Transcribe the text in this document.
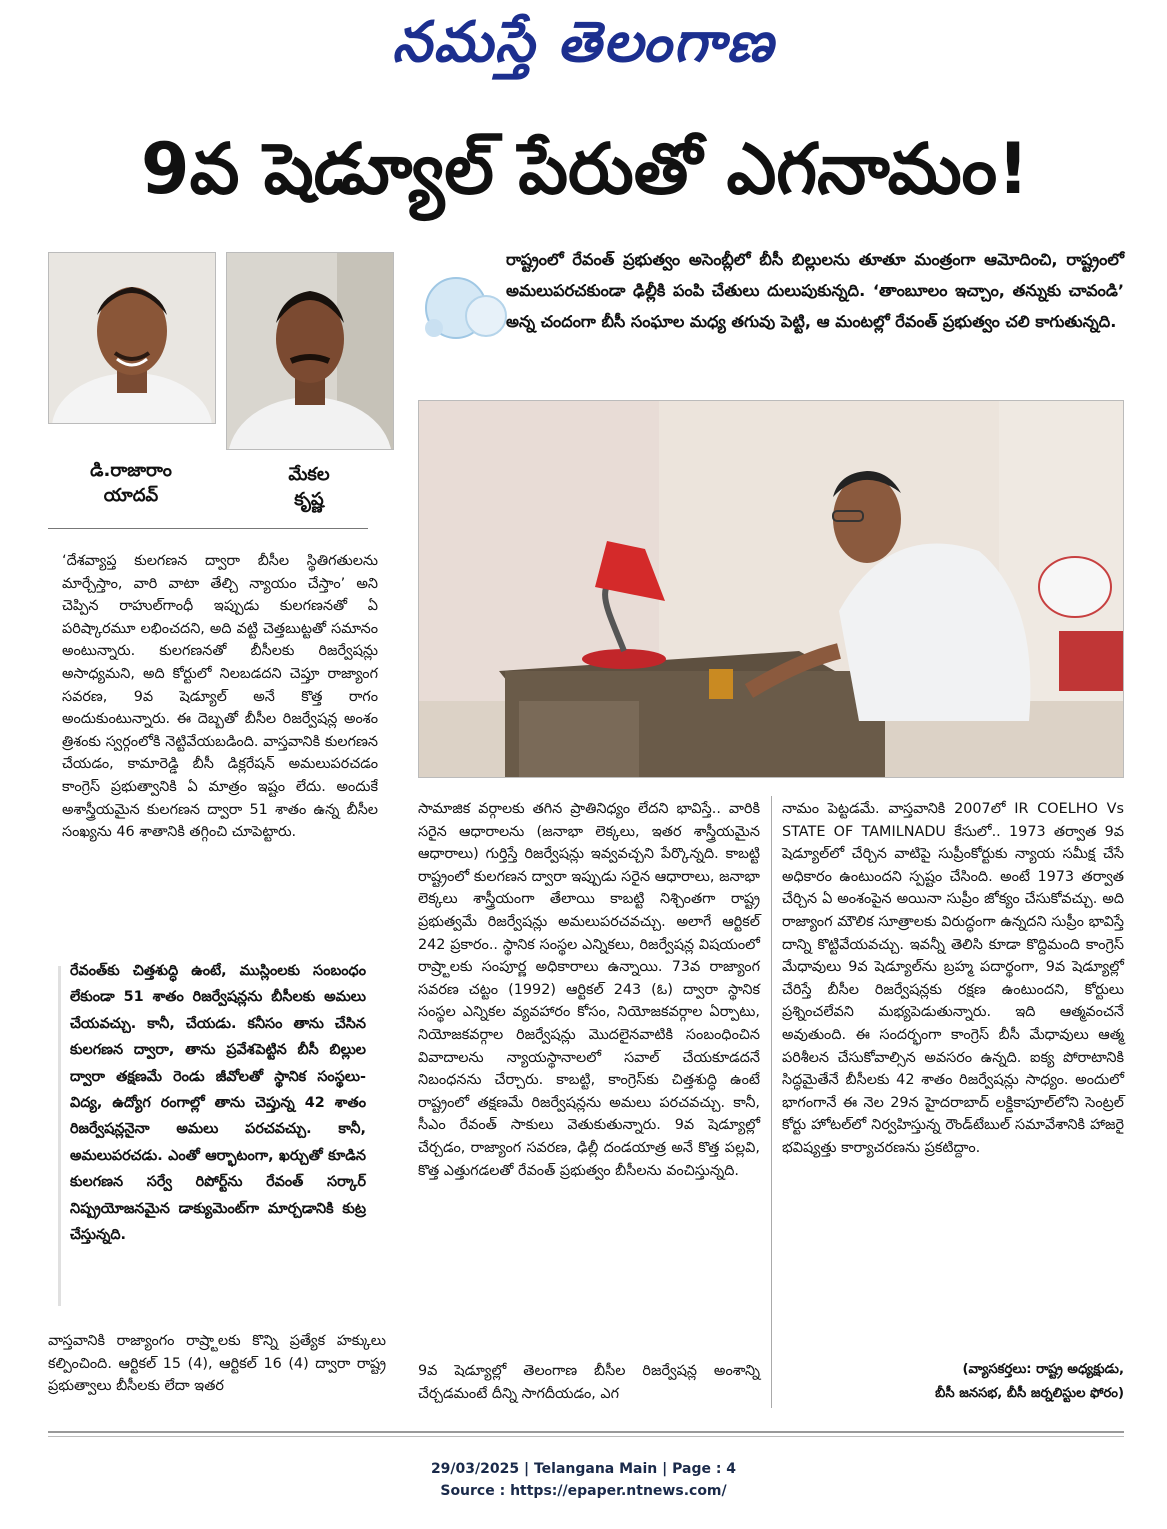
నమస్తే తెలంగాణ
9వ షెడ్యూల్ పేరుతో ఎగనామం!
డి.రాజారాం
యాదవ్
మేకల
కృష్ణ
రాష్ట్రంలో రేవంత్ ప్రభుత్వం అసెంబ్లీలో బీసీ బిల్లులను తూతూ మంత్రంగా ఆమోదించి, రాష్ట్రంలో అమలుపరచకుండా ఢిల్లీకి పంపి చేతులు దులుపుకున్నది. ‘తాంబూలం ఇచ్చాం, తన్నుకు చావండి’ అన్న చందంగా బీసీ సంఘాల మధ్య తగువు పెట్టి, ఆ మంటల్లో రేవంత్ ప్రభుత్వం చలి కాగుతున్నది.
‘దేశవ్యాప్త కులగణన ద్వారా బీసీల స్థితిగతులను మార్చేస్తాం, వారి వాటా తేల్చి న్యాయం చేస్తాం’ అని చెప్పిన రాహుల్‌గాంధీ ఇప్పుడు కులగణనతో ఏ పరిష్కారమూ లభించదని, అది వట్టి చెత్తబుట్టతో సమానం అంటున్నారు. కులగణనతో బీసీలకు రిజర్వేషన్లు అసాధ్యమని, అది కోర్టులో నిలబడదని చెప్తూ రాజ్యాంగ సవరణ, 9వ షెడ్యూల్ అనే కొత్త రాగం అందుకుంటున్నారు. ఈ దెబ్బతో బీసీల రిజర్వేషన్ల అంశం త్రిశంకు స్వర్గంలోకి నెట్టివేయబడింది. వాస్తవానికి కులగణన చేయడం, కామారెడ్డి బీసీ డిక్లరేషన్ అమలుపరచడం కాంగ్రెస్ ప్రభుత్వానికి ఏ మాత్రం ఇష్టం లేదు. అందుకే అశాస్త్రీయమైన కులగణన ద్వారా 51 శాతం ఉన్న బీసీల సంఖ్యను 46 శాతానికి తగ్గించి చూపెట్టారు.
రేవంత్‌కు చిత్తశుద్ధి ఉంటే, ముస్లింలకు సంబంధం లేకుండా 51 శాతం రిజర్వేషన్లను బీసీలకు అమలు చేయవచ్చు. కానీ, చేయడు. కనీసం తాను చేసిన కులగణన ద్వారా, తాను ప్రవేశపెట్టిన బీసీ బిల్లుల ద్వారా తక్షణమే రెండు జీవోలతో స్థానిక సంస్థలు-విద్య, ఉద్యోగ రంగాల్లో తాను చెప్తున్న 42 శాతం రిజర్వేషన్లనైనా అమలు పరచవచ్చు. కానీ, అమలుపరచడు. ఎంతో ఆర్భాటంగా, ఖర్చుతో కూడిన కులగణన సర్వే రిపోర్ట్‌ను రేవంత్ సర్కార్ నిష్ప్రయోజనమైన డాక్యుమెంట్‌గా మార్చడానికి కుట్ర చేస్తున్నది.
వాస్తవానికి రాజ్యాంగం రాష్ర్టాలకు కొన్ని ప్రత్యేక హక్కులు కల్పించింది. ఆర్టికల్ 15 (4), ఆర్టికల్ 16 (4) ద్వారా రాష్ట్ర ప్రభుత్వాలు బీసీలకు లేదా ఇతర
సామాజిక వర్గాలకు తగిన ప్రాతినిధ్యం లేదని భావిస్తే.. వారికి సరైన ఆధారాలను (జనాభా లెక్కలు, ఇతర శాస్త్రీయమైన ఆధారాలు) గుర్తిస్తే రిజర్వేషన్లు ఇవ్వవచ్చని పేర్కొన్నది. కాబట్టి రాష్ట్రంలో కులగణన ద్వారా ఇప్పుడు సరైన ఆధారాలు, జనాభా లెక్కలు శాస్త్రీయంగా తేలాయి కాబట్టి నిశ్చింతగా రాష్ట్ర ప్రభుత్వమే రిజర్వేషన్లు అమలుపరచవచ్చు. అలాగే ఆర్టికల్ 242 ప్రకారం.. స్థానిక సంస్థల ఎన్నికలు, రిజర్వేషన్ల విషయంలో రాష్ర్టాలకు సంపూర్ణ అధికారాలు ఉన్నాయి. 73వ రాజ్యాంగ సవరణ చట్టం (1992) ఆర్టికల్ 243 (ఓ) ద్వారా స్థానిక సంస్థల ఎన్నికల వ్యవహారం కోసం, నియోజకవర్గాల ఏర్పాటు, నియోజకవర్గాల రిజర్వేషన్లు మొదలైనవాటికి సంబంధించిన వివాదాలను న్యాయస్థానాలలో సవాల్ చేయకూడదనే నిబంధనను చేర్చారు. కాబట్టి, కాంగ్రెస్‌కు చిత్తశుద్ధి ఉంటే రాష్ట్రంలో తక్షణమే రిజర్వేషన్లను అమలు పరచవచ్చు. కానీ, సీఎం రేవంత్ సాకులు వెతుకుతున్నారు. 9వ షెడ్యూల్లో చేర్చడం, రాజ్యాంగ సవరణ, ఢిల్లీ దండయాత్ర అనే కొత్త పల్లవి, కొత్త ఎత్తుగడలతో రేవంత్ ప్రభుత్వం బీసీలను వంచిస్తున్నది.
9వ షెడ్యూల్లో తెలంగాణ బీసీల రిజర్వేషన్ల అంశాన్ని చేర్చడమంటే దీన్ని సాగదీయడం, ఎగ
నామం పెట్టడమే. వాస్తవానికి 2007లో IR COELHO Vs STATE OF TAMILNADU కేసులో.. 1973 తర్వాత 9వ షెడ్యూల్‌లో చేర్చిన వాటిపై సుప్రీంకోర్టుకు న్యాయ సమీక్ష చేసే అధికారం ఉంటుందని స్పష్టం చేసింది. అంటే 1973 తర్వాత చేర్చిన ఏ అంశంపైన అయినా సుప్రీం జోక్యం చేసుకోవచ్చు. అది రాజ్యాంగ మౌలిక సూత్రాలకు విరుద్ధంగా ఉన్నదని సుప్రీం భావిస్తే దాన్ని కొట్టివేయవచ్చు. ఇవన్నీ తెలిసి కూడా కొద్దిమంది కాంగ్రెస్ మేధావులు 9వ షెడ్యూల్‌ను బ్రహ్మ పదార్థంగా, 9వ షెడ్యూల్లో చేరిస్తే బీసీల రిజర్వేషన్లకు రక్షణ ఉంటుందని, కోర్టులు ప్రశ్నించలేవని మభ్యపెడుతున్నారు. ఇది ఆత్మవంచనే అవుతుంది. ఈ సందర్భంగా కాంగ్రెస్ బీసీ మేధావులు ఆత్మ పరిశీలన చేసుకోవాల్సిన అవసరం ఉన్నది. ఐక్య పోరాటానికి సిద్ధమైతేనే బీసీలకు 42 శాతం రిజర్వేషన్లు సాధ్యం. అందులో భాగంగానే ఈ నెల 29న హైదరాబాద్ లక్డికాపూల్‌లోని సెంట్రల్ కోర్టు హోటల్‌లో నిర్వహిస్తున్న రౌండ్‌టేబుల్ సమావేశానికి హాజరై భవిష్యత్తు కార్యాచరణను ప్రకటిద్దాం.
(వ్యాసకర్తలు: రాష్ట్ర అధ్యక్షుడు,
బీసీ జనసభ, బీసీ జర్నలిస్టుల ఫోరం)
29/03/2025 | Telangana Main | Page : 4
Source : https://epaper.ntnews.com/
